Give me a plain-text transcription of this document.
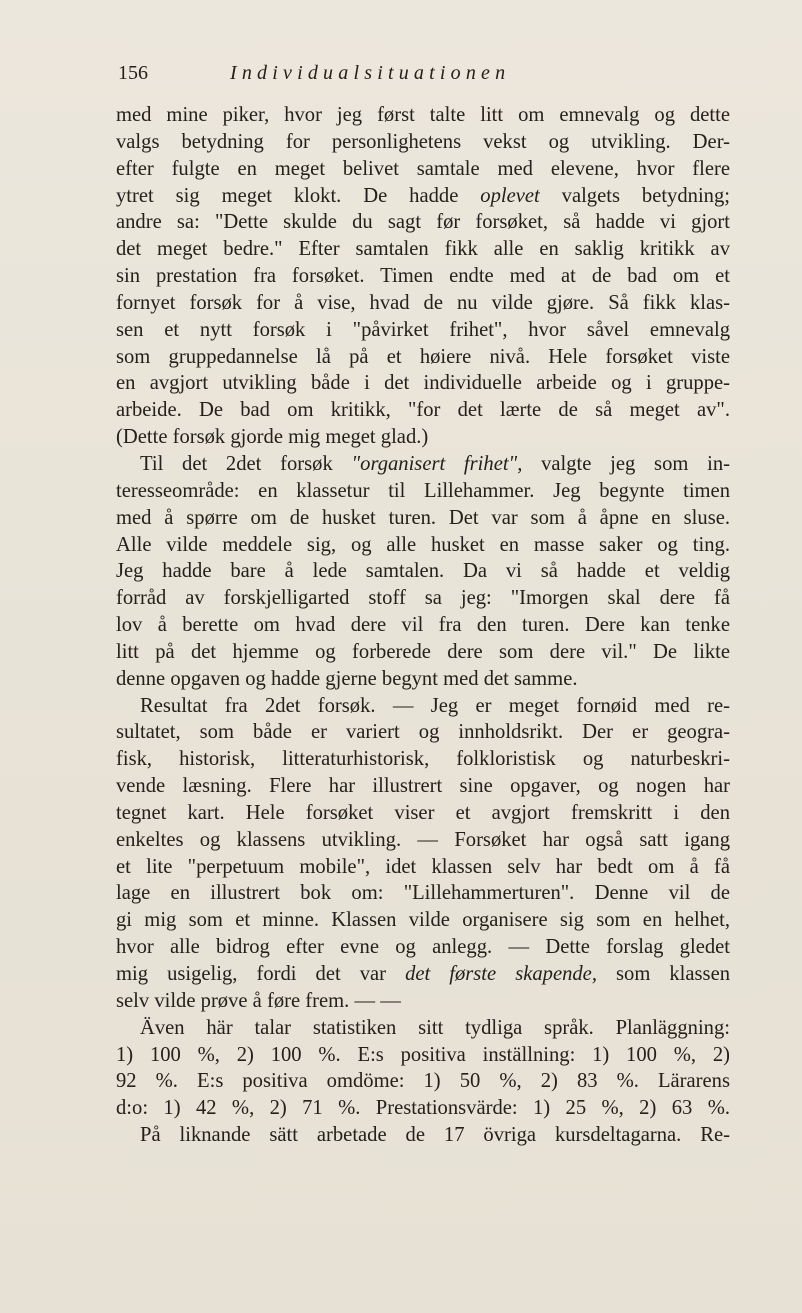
156	Individualsituationen
med mine piker, hvor jeg først talte litt om emnevalg og dette
valgs betydning for personlighetens vekst og utvikling. Der-
efter fulgte en meget belivet samtale med elevene, hvor flere
ytret sig meget klokt. De hadde oplevet valgets betydning;
andre sa: "Dette skulde du sagt før forsøket, så hadde vi gjort
det meget bedre." Efter samtalen fikk alle en saklig kritikk av
sin prestation fra forsøket. Timen endte med at de bad om et
fornyet forsøk for å vise, hvad de nu vilde gjøre. Så fikk klas-
sen et nytt forsøk i "påvirket frihet", hvor såvel emnevalg
som gruppedannelse lå på et høiere nivå. Hele forsøket viste
en avgjort utvikling både i det individuelle arbeide og i gruppe-
arbeide. De bad om kritikk, "for det lærte de så meget av".
(Dette forsøk gjorde mig meget glad.)
Til det 2det forsøk "organisert frihet", valgte jeg som in-
teresseområde: en klassetur til Lillehammer. Jeg begynte timen
med å spørre om de husket turen. Det var som å åpne en sluse.
Alle vilde meddele sig, og alle husket en masse saker og ting.
Jeg hadde bare å lede samtalen. Da vi så hadde et veldig
forråd av forskjelligarted stoff sa jeg: "Imorgen skal dere få
lov å berette om hvad dere vil fra den turen. Dere kan tenke
litt på det hjemme og forberede dere som dere vil." De likte
denne opgaven og hadde gjerne begynt med det samme.
Resultat fra 2det forsøk. — Jeg er meget fornøid med re-
sultatet, som både er variert og innholdsrikt. Der er geogra-
fisk, historisk, litteraturhistorisk, folkloristisk og naturbeskri-
vende læsning. Flere har illustrert sine opgaver, og nogen har
tegnet kart. Hele forsøket viser et avgjort fremskritt i den
enkeltes og klassens utvikling. — Forsøket har også satt igang
et lite "perpetuum mobile", idet klassen selv har bedt om å få
lage en illustrert bok om: "Lillehammerturen". Denne vil de
gi mig som et minne. Klassen vilde organisere sig som en helhet,
hvor alle bidrog efter evne og anlegg. — Dette forslag gledet
mig usigelig, fordi det var det første skapende, som klassen
selv vilde prøve å føre frem. — —
Även här talar statistiken sitt tydliga språk. Planläggning:
1) 100 %, 2) 100 %. E:s positiva inställning: 1) 100 %, 2)
92 %. E:s positiva omdöme: 1) 50 %, 2) 83 %. Lärarens
d:o: 1) 42 %, 2) 71 %. Prestationsvärde: 1) 25 %, 2) 63 %.
På liknande sätt arbetade de 17 övriga kursdeltagarna. Re-
